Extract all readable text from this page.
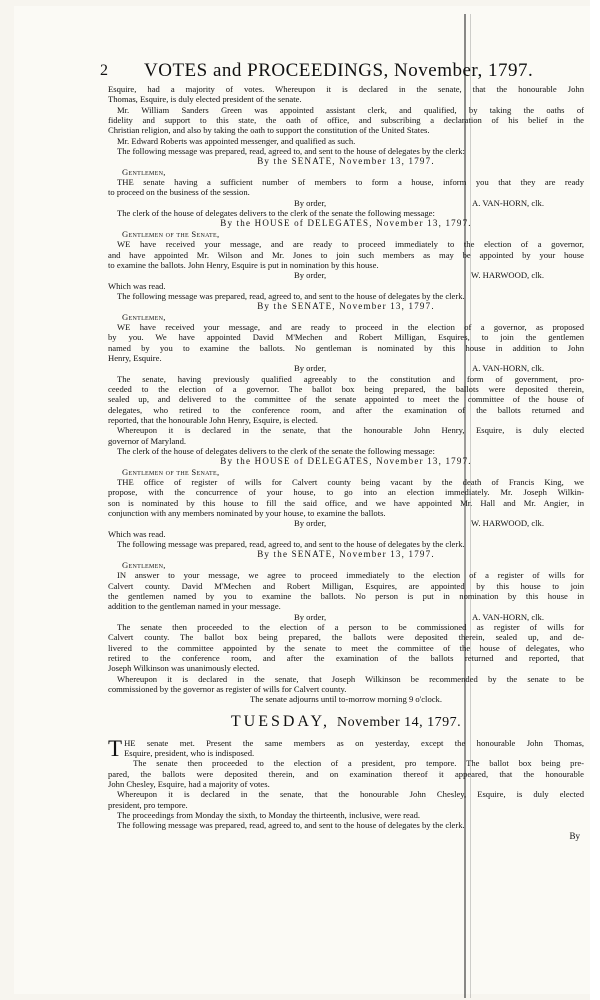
2 VOTES and PROCEEDINGS, November, 1797.
Esquire, had a majority of votes. Whereupon it is declared in the senate, that the honourable John
Thomas, Esquire, is duly elected president of the senate.
Mr. William Sanders Green was appointed assistant clerk, and qualified, by taking the oaths of
fidelity and support to this state, the oath of office, and subscribing a declaration of his belief in the
Christian religion, and also by taking the oath to support the constitution of the United States.
Mr. Edward Roberts was appointed messenger, and qualified as such.
The following message was prepared, read, agreed to, and sent to the house of delegates by the clerk:
By the SENATE, November 13, 1797.
Gentlemen,
THE senate having a sufficient number of members to form a house, inform you that they are ready
to proceed on the business of the session.
By order,	A. VAN-HORN, clk.
The clerk of the house of delegates delivers to the clerk of the senate the following message:
By the HOUSE of DELEGATES, November 13, 1797.
Gentlemen of the Senate,
WE have received your message, and are ready to proceed immediately to the election of a governor,
and have appointed Mr. Wilson and Mr. Jones to join such members as may be appointed by your house
to examine the ballots. John Henry, Esquire is put in nomination by this house.
By order,	W. HARWOOD, clk.
Which was read.
The following message was prepared, read, agreed to, and sent to the house of delegates by the clerk.
By the SENATE, November 13, 1797.
Gentlemen,
WE have received your message, and are ready to proceed in the election of a governor, as proposed
by you. We have appointed David M'Mechen and Robert Milligan, Esquires, to join the gentlemen
named by you to examine the ballots. No gentleman is nominated by this house in addition to John
Henry, Esquire.
By order,	A. VAN-HORN, clk.
The senate, having previously qualified agreeably to the constitution and form of government, pro-
ceeded to the election of a governor. The ballot box being prepared, the ballots were deposited therein,
sealed up, and delivered to the committee of the senate appointed to meet the committee of the house of
delegates, who retired to the conference room, and after the examination of the ballots returned and
reported, that the honourable John Henry, Esquire, is elected.
Whereupon it is declared in the senate, that the honourable John Henry, Esquire, is duly elected
governor of Maryland.
The clerk of the house of delegates delivers to the clerk of the senate the following message:
By the HOUSE of DELEGATES, November 13, 1797.
Gentlemen of the Senate,
THE office of register of wills for Calvert county being vacant by the death of Francis King, we
propose, with the concurrence of your house, to go into an election immediately. Mr. Joseph Wilkin-
son is nominated by this house to fill the said office, and we have appointed Mr. Hall and Mr. Angier, in
conjunction with any members nominated by your house, to examine the ballots.
By order,	W. HARWOOD, clk.
Which was read.
The following message was prepared, read, agreed to, and sent to the house of delegates by the clerk.
By the SENATE, November 13, 1797.
Gentlemen,
IN answer to your message, we agree to proceed immediately to the election of a register of wills for
Calvert county. David M'Mechen and Robert Milligan, Esquires, are appointed by this house to join
the gentlemen named by you to examine the ballots. No person is put in nomination by this house in
addition to the gentleman named in your message.
By order,	A. VAN-HORN, clk.
The senate then proceeded to the election of a person to be commissioned as register of wills for
Calvert county. The ballot box being prepared, the ballots were deposited therein, sealed up, and de-
livered to the committee appointed by the senate to meet the committee of the house of delegates, who
retired to the conference room, and after the examination of the ballots returned and reported, that
Joseph Wilkinson was unanimously elected.
Whereupon it is declared in the senate, that Joseph Wilkinson be recommended by the senate to be
commissioned by the governor as register of wills for Calvert county.
The senate adjourns until to-morrow morning 9 o'clock.
TUESDAY, November 14, 1797.

T HE senate met. Present the same members as on yesterday, except the honourable John Thomas,
Esquire, president, who is indisposed.

The senate then proceeded to the election of a president, pro tempore. The ballot box being pre-
pared, the ballots were deposited therein, and on examination thereof it appeared, that the honourable
John Chesley, Esquire, had a majority of votes.
Whereupon it is declared in the senate, that the honourable John Chesley, Esquire, is duly elected
president, pro tempore.
The proceedings from Monday the sixth, to Monday the thirteenth, inclusive, were read.
The following message was prepared, read, agreed to, and sent to the house of delegates by the clerk.
By
